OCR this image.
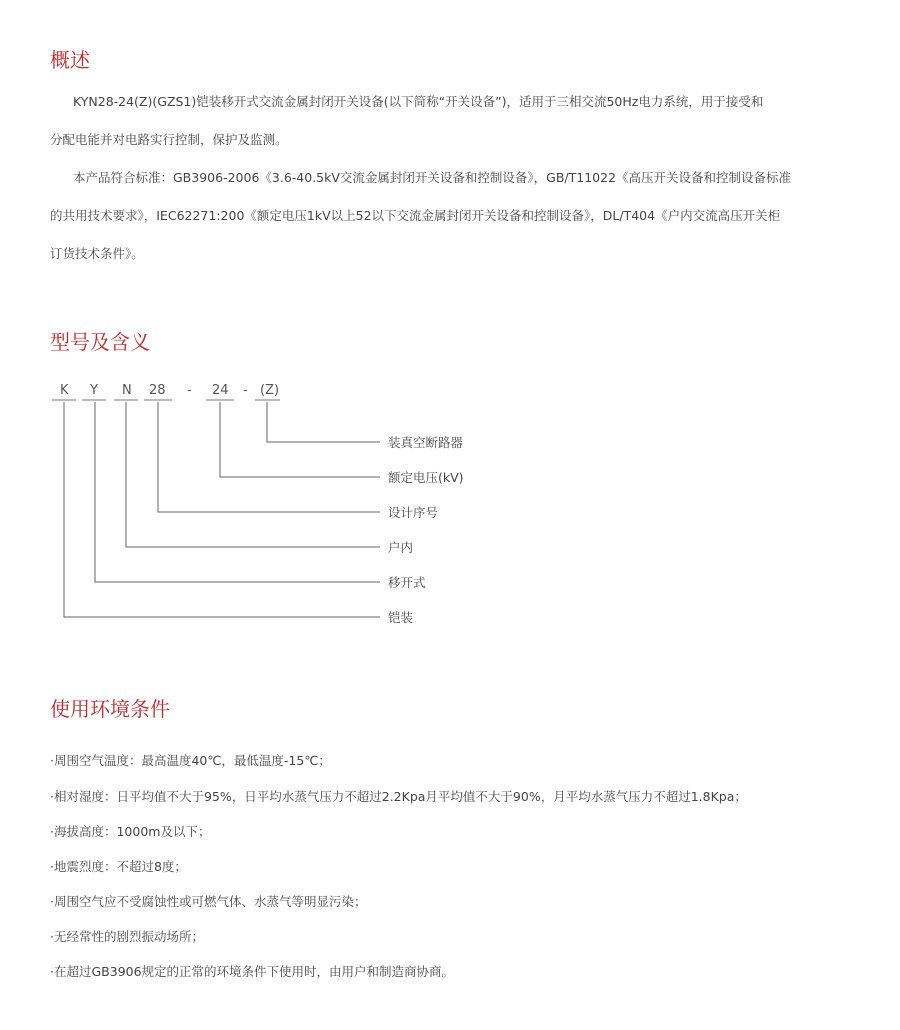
概述
KYN28-24(Z)(GZS1)铠装移开式交流金属封闭开关设备(以下简称“开关设备”)，适用于三相交流50Hz电力系统，用于接受和
分配电能并对电路实行控制，保护及监测。
本产品符合标准：GB3906-2006《3.6-40.5kV交流金属封闭开关设备和控制设备》，GB/T11022《高压开关设备和控制设备标准
的共用技术要求》，IEC62271:200《额定电压1kV以上52以下交流金属封闭开关设备和控制设备》，DL/T404《户内交流高压开关柜
订货技术条件》。
型号及含义
K Y N 28 - 24 - (Z)
装真空断路器
额定电压(kV)
设计序号
户内
移开式
铠装
使用环境条件
·周围空气温度：最高温度40℃，最低温度-15℃；
·相对湿度：日平均值不大于95%，日平均水蒸气压力不超过2.2Kpa月平均值不大于90%，月平均水蒸气压力不超过1.8Kpa；
·海拔高度：1000m及以下；
·地震烈度：不超过8度；
·周围空气应不受腐蚀性或可燃气体、水蒸气等明显污染；
·无经常性的剧烈振动场所；
·在超过GB3906规定的正常的环境条件下使用时，由用户和制造商协商。
